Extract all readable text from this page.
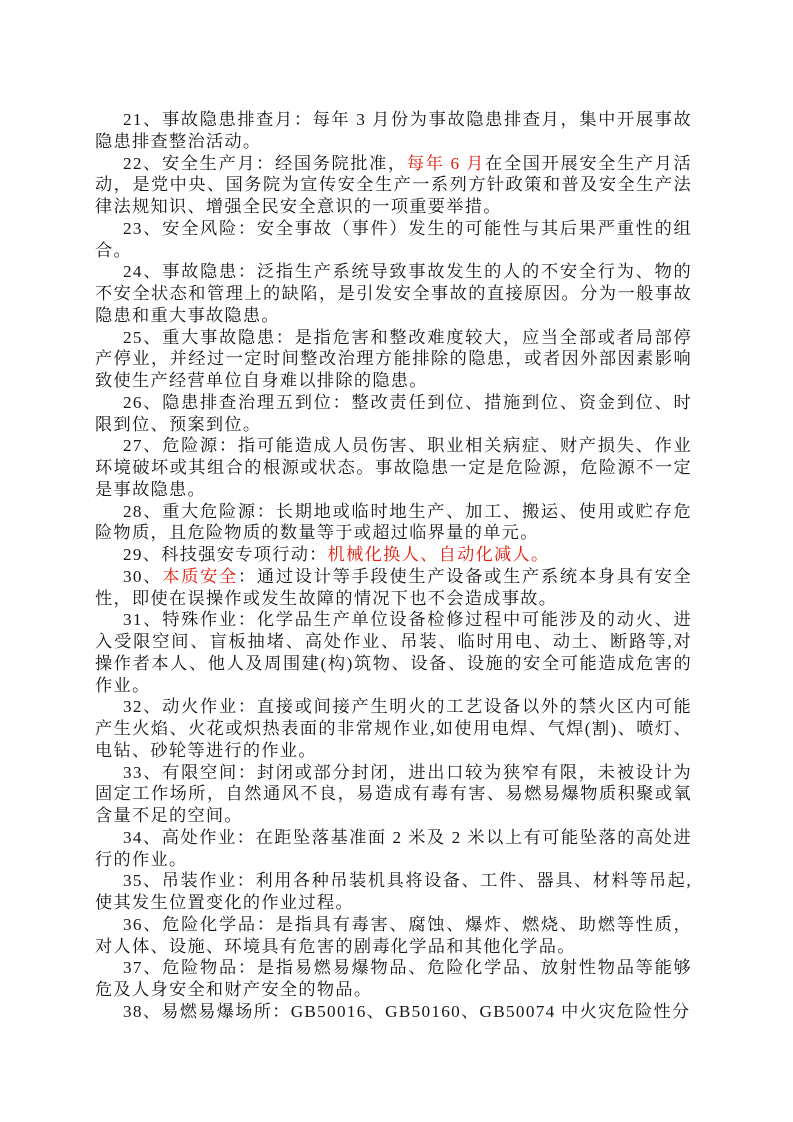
21、事故隐患排查月：每年 3 月份为事故隐患排查月，集中开展事故隐患排查整治活动。

22、安全生产月：经国务院批准，每年 6 月在全国开展安全生产月活动，是党中央、国务院为宣传安全生产一系列方针政策和普及安全生产法律法规知识、增强全民安全意识的一项重要举措。

23、安全风险：安全事故（事件）发生的可能性与其后果严重性的组合。

24、事故隐患：泛指生产系统导致事故发生的人的不安全行为、物的不安全状态和管理上的缺陷，是引发安全事故的直接原因。分为一般事故隐患和重大事故隐患。

25、重大事故隐患：是指危害和整改难度较大，应当全部或者局部停产停业，并经过一定时间整改治理方能排除的隐患，或者因外部因素影响致使生产经营单位自身难以排除的隐患。

26、隐患排查治理五到位：整改责任到位、措施到位、资金到位、时限到位、预案到位。

27、危险源：指可能造成人员伤害、职业相关病症、财产损失、作业环境破坏或其组合的根源或状态。事故隐患一定是危险源，危险源不一定是事故隐患。

28、重大危险源：长期地或临时地生产、加工、搬运、使用或贮存危险物质，且危险物质的数量等于或超过临界量的单元。

29、科技强安专项行动：机械化换人、自动化减人。

30、本质安全：通过设计等手段使生产设备或生产系统本身具有安全性，即使在误操作或发生故障的情况下也不会造成事故。

31、特殊作业：化学品生产单位设备检修过程中可能涉及的动火、进入受限空间、盲板抽堵、高处作业、吊装、临时用电、动土、断路等,对操作者本人、他人及周围建(构)筑物、设备、设施的安全可能造成危害的作业。

32、动火作业：直接或间接产生明火的工艺设备以外的禁火区内可能产生火焰、火花或炽热表面的非常规作业,如使用电焊、气焊(割)、喷灯、电钻、砂轮等进行的作业。

33、有限空间：封闭或部分封闭，进出口较为狭窄有限，未被设计为固定工作场所，自然通风不良，易造成有毒有害、易燃易爆物质积聚或氧含量不足的空间。

34、高处作业：在距坠落基准面 2 米及 2 米以上有可能坠落的高处进行的作业。

35、吊装作业：利用各种吊装机具将设备、工件、器具、材料等吊起,使其发生位置变化的作业过程。

36、危险化学品：是指具有毒害、腐蚀、爆炸、燃烧、助燃等性质，对人体、设施、环境具有危害的剧毒化学品和其他化学品。

37、危险物品：是指易燃易爆物品、危险化学品、放射性物品等能够危及人身安全和财产安全的物品。

38、易燃易爆场所：GB50016、GB50160、GB50074 中火灾危险性分
